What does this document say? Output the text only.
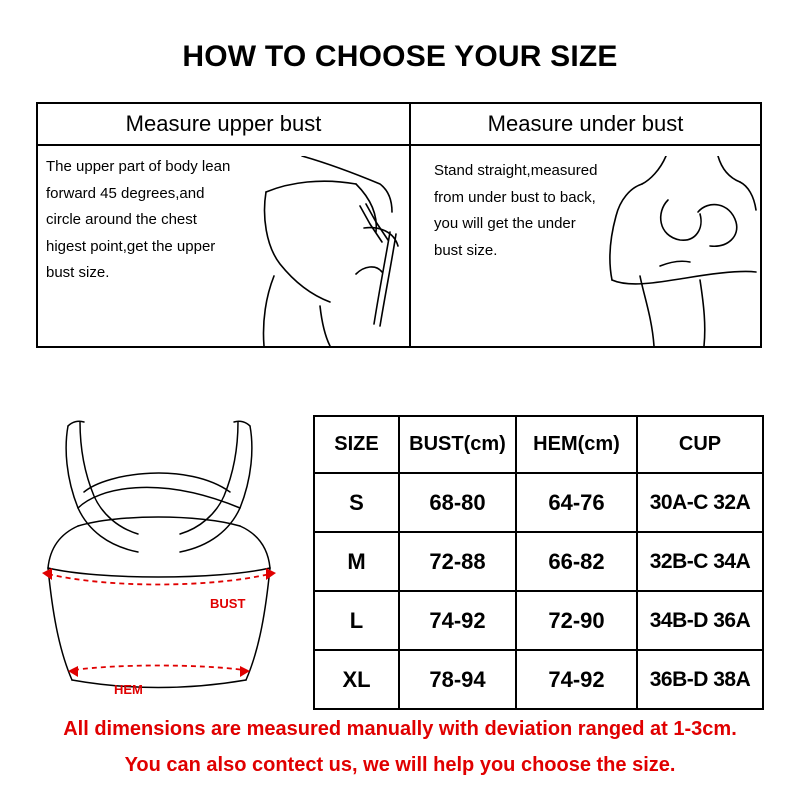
HOW TO CHOOSE YOUR SIZE
Measure upper bust	Measure under bust
The upper part of body lean
forward 45 degrees,and
circle around the chest
higest point,get the upper
bust size.
Stand straight,measured
from under bust to back,
you will get the under
bust size.
BUST
HEM
SIZE	BUST(cm)	HEM(cm)	CUP
S	68-80	64-76	30A-C 32A
M	72-88	66-82	32B-C 34A
L	74-92	72-90	34B-D 36A
XL	78-94	74-92	36B-D 38A
All dimensions are measured manually with deviation ranged at 1-3cm.
You can also contect us, we will help you choose the size.
